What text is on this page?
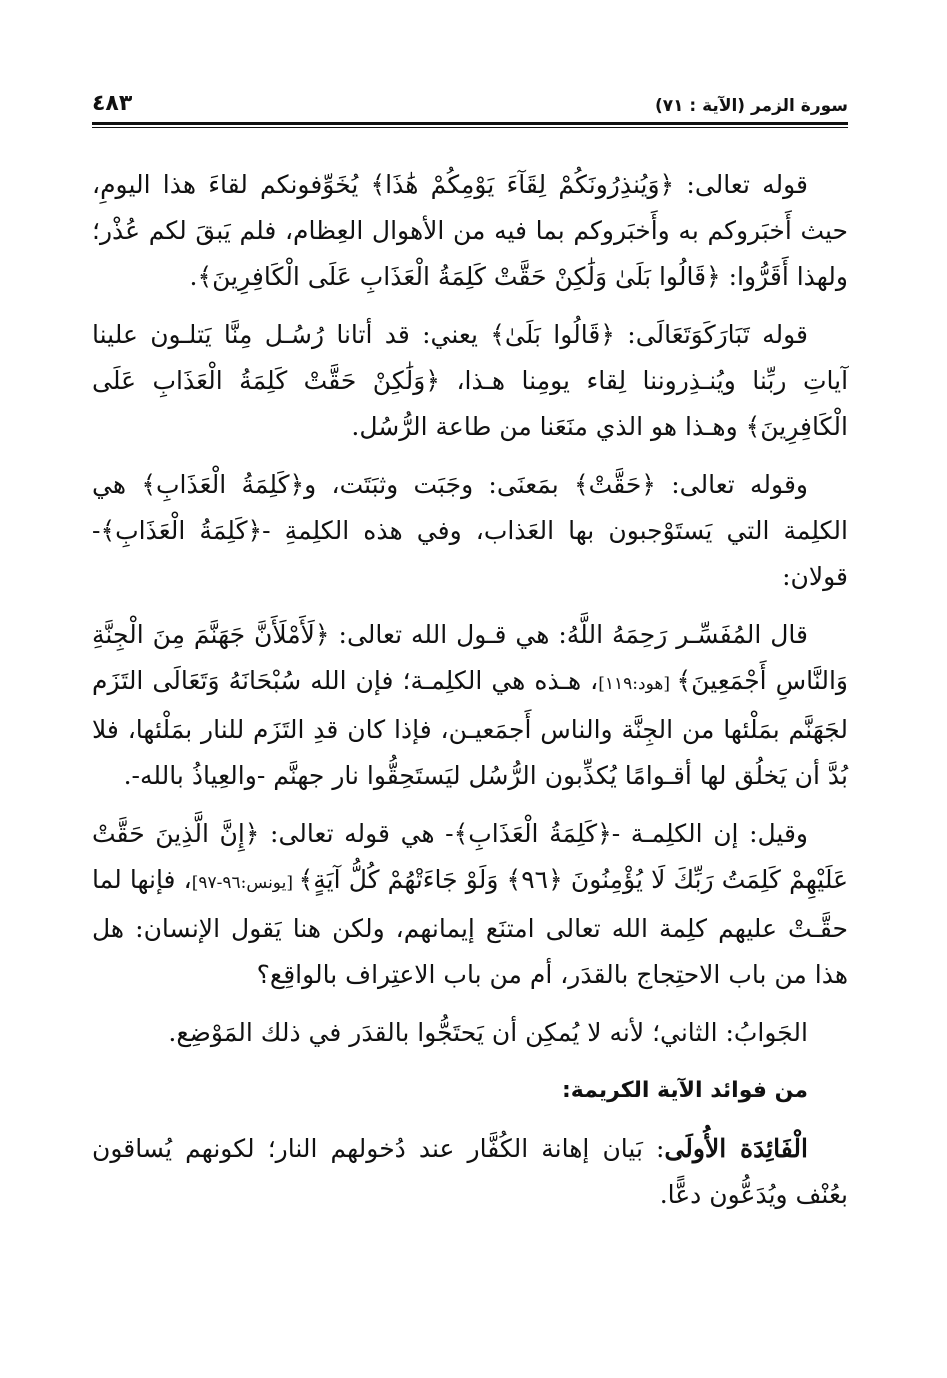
سورة الزمر (الآية : ٧١)
٤٨٣

قوله تعالى: ﴿وَيُنذِرُونَكُمْ لِقَآءَ يَوْمِكُمْ هَٰذَا﴾ يُخَوِّفونكم لقاءَ هذا اليومِ، حيث أَخبَروكم به وأَخبَروكم بما فيه من الأهوال العِظام، فلم يَبقَ لكم عُذْر؛ ولهذا أَقَرُّوا: ﴿قَالُوا بَلَىٰ وَلَٰكِنْ حَقَّتْ كَلِمَةُ الْعَذَابِ عَلَى الْكَافِرِينَ﴾.

قوله تَبَارَكَوَتَعَالَى: ﴿قَالُوا بَلَىٰ﴾ يعني: قد أتانا رُسُـل مِنَّا يَتلـون علينا آياتِ ربِّنا ويُنـذِروننا لِقاء يومِنا هـذا، ﴿وَلَٰكِنْ حَقَّتْ كَلِمَةُ الْعَذَابِ عَلَى الْكَافِرِينَ﴾ وهـذا هو الذي منَعَنا من طاعة الرُّسُل.

وقوله تعالى: ﴿حَقَّتْ﴾ بمَعنَى: وجَبَت وثبَتَت، و﴿كَلِمَةُ الْعَذَابِ﴾ هي الكلِمة التي يَستَوْجبون بها العَذاب، وفي هذه الكلِمةِ -﴿كَلِمَةُ الْعَذَابِ﴾- قولان:

قال المُفَسِّـر رَحِمَهُ اللَّهُ: هي قـول الله تعالى: ﴿لَأَمْلَأَنَّ جَهَنَّمَ مِنَ الْجِنَّةِ وَالنَّاسِ أَجْمَعِينَ﴾ [هود:١١٩]، هـذه هي الكلِمـة؛ فإن الله سُبْحَانَهُ وَتَعَالَى التَزَم لجَهَنَّم بمَلْئها من الجِنَّة والناس أَجمَعيـن، فإذا كان قدِ التَزَم للنار بمَلْئها، فلا بُدَّ أن يَخلُق لها أقـوامًا يُكذِّبون الرُّسُل ليَستَحِقُّوا نار جهنَّم -والعِياذُ بالله-.

وقيل: إن الكلِمـة -﴿كَلِمَةُ الْعَذَابِ﴾- هي قوله تعالى: ﴿إِنَّ الَّذِينَ حَقَّتْ عَلَيْهِمْ كَلِمَتُ رَبِّكَ لَا يُؤْمِنُونَ ﴿٩٦﴾ وَلَوْ جَاءَتْهُمْ كُلُّ آيَةٍ﴾ [يونس:٩٦-٩٧]، فإنها لما حقَّـتْ عليهم كلِمة الله تعالى امتنَع إيمانهم، ولكن هنا يَقول الإنسان: هل هذا من باب الاحتِجاج بالقدَر، أم من باب الاعتِراف بالواقِع؟

الجَوابُ: الثاني؛ لأنه لا يُمكِن أن يَحتَجُّوا بالقدَر في ذلك المَوْضِع.

من فوائد الآية الكريمة:

الْفَائِدَة الأُولَى: بَيان إهانة الكُفَّار عند دُخولهم النار؛ لكونهم يُساقون بعُنْف ويُدَعُّون دعًّا.
